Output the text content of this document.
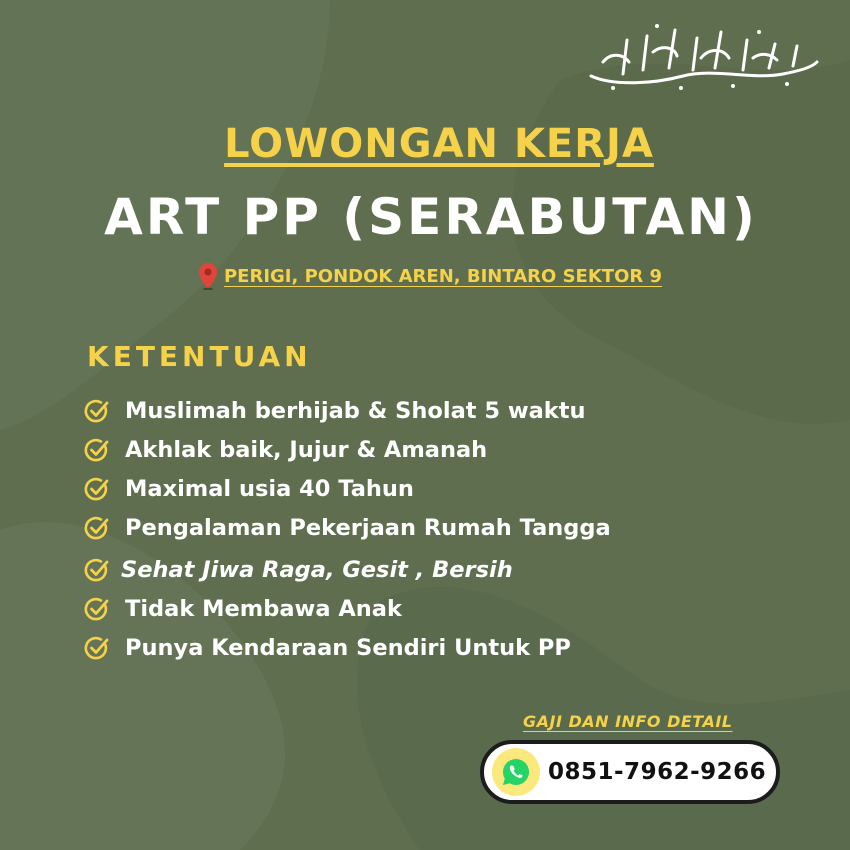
LOWONGAN KERJA
ART PP (SERABUTAN)
PERIGI, PONDOK AREN, BINTARO SEKTOR 9
KETENTUAN
Muslimah berhijab & Sholat 5 waktu
Akhlak baik, Jujur & Amanah
Maximal usia 40 Tahun
Pengalaman Pekerjaan Rumah Tangga
Sehat Jiwa Raga, Gesit , Bersih
Tidak Membawa Anak
Punya Kendaraan Sendiri Untuk PP
GAJI DAN INFO DETAIL
0851-7962-9266
